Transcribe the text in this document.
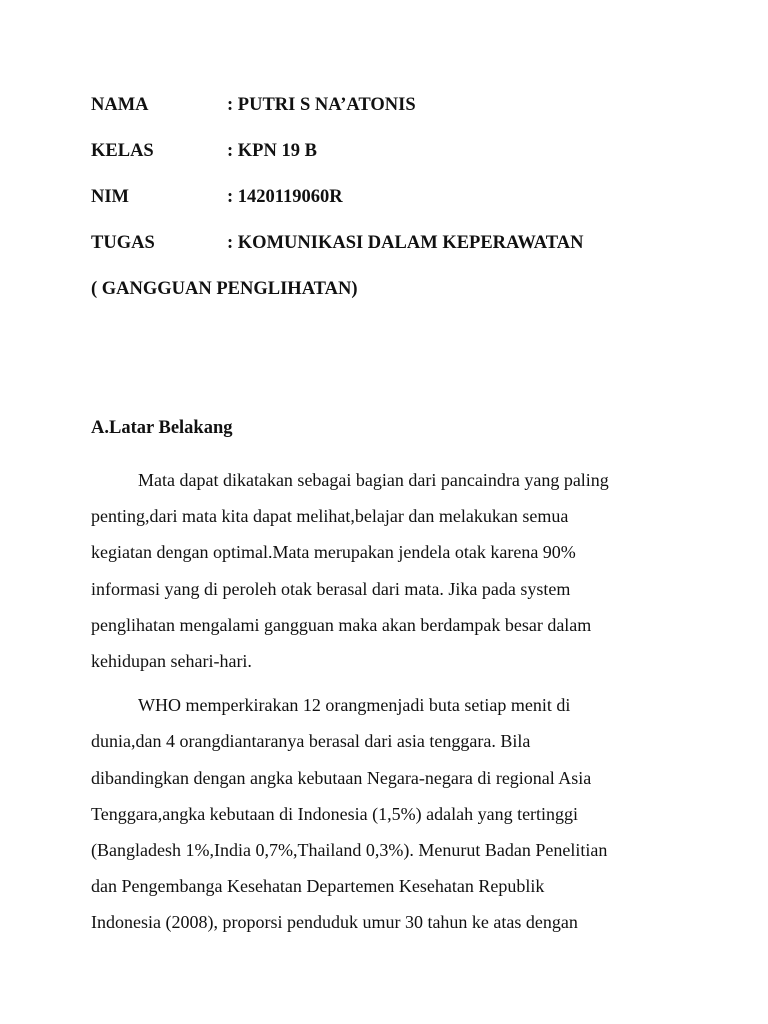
NAMA	: PUTRI S NA’ATONIS
KELAS	: KPN 19 B
NIM	: 1420119060R
TUGAS	: KOMUNIKASI DALAM KEPERAWATAN
( GANGGUAN PENGLIHATAN)
A.Latar Belakang

Mata dapat dikatakan sebagai bagian dari pancaindra yang paling
penting,dari mata kita dapat melihat,belajar dan melakukan semua
kegiatan dengan optimal.Mata merupakan jendela otak karena 90%
informasi yang di peroleh otak berasal dari mata. Jika pada system
penglihatan mengalami gangguan maka akan berdampak besar dalam
kehidupan sehari-hari.

WHO memperkirakan 12 orangmenjadi buta setiap menit di
dunia,dan 4 orangdiantaranya berasal dari asia tenggara. Bila
dibandingkan dengan angka kebutaan Negara-negara di regional Asia
Tenggara,angka kebutaan di Indonesia (1,5%) adalah yang tertinggi
(Bangladesh 1%,India 0,7%,Thailand 0,3%). Menurut Badan Penelitian
dan Pengembanga Kesehatan Departemen Kesehatan Republik
Indonesia (2008), proporsi penduduk umur 30 tahun ke atas dengan
